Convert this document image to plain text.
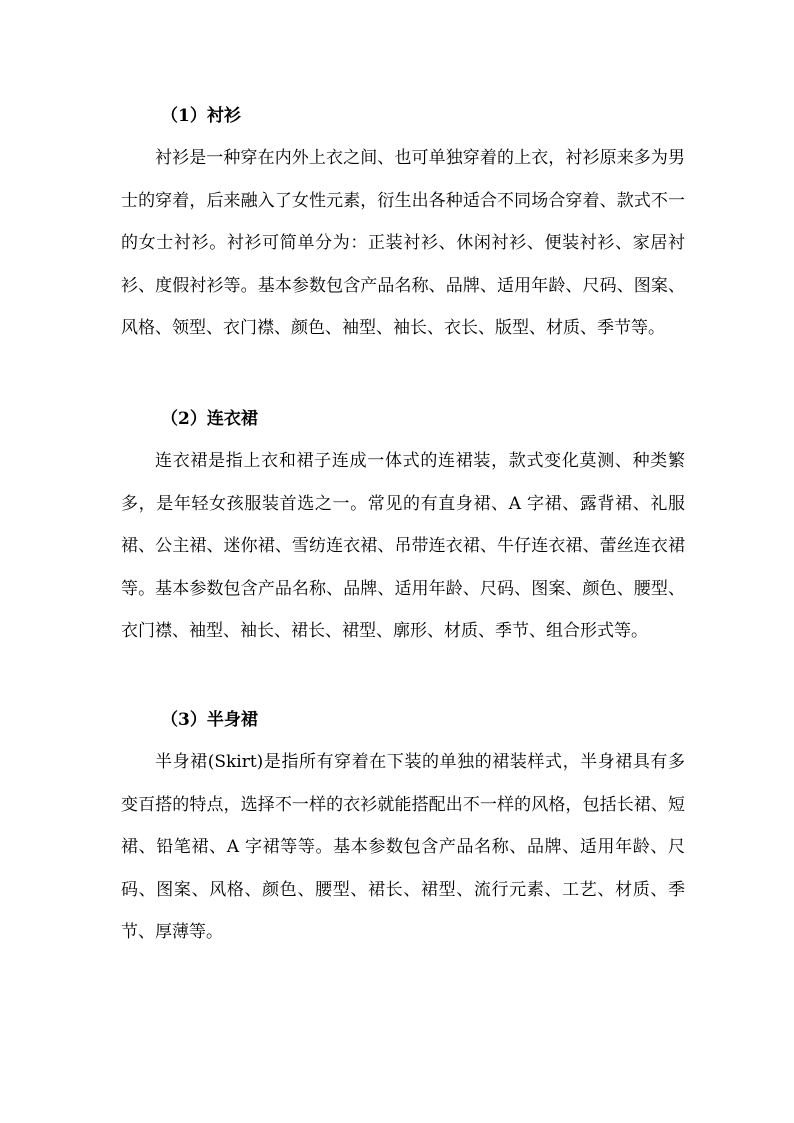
（1）衬衫

衬衫是一种穿在内外上衣之间、也可单独穿着的上衣，衬衫原来多为男士的穿着，后来融入了女性元素，衍生出各种适合不同场合穿着、款式不一的女士衬衫。衬衫可简单分为：正装衬衫、休闲衬衫、便装衬衫、家居衬衫、度假衬衫等。基本参数包含产品名称、品牌、适用年龄、尺码、图案、风格、领型、衣门襟、颜色、袖型、袖长、衣长、版型、材质、季节等。

（2）连衣裙

连衣裙是指上衣和裙子连成一体式的连裙装，款式变化莫测、种类繁多，是年轻女孩服装首选之一。常见的有直身裙、A 字裙、露背裙、礼服裙、公主裙、迷你裙、雪纺连衣裙、吊带连衣裙、牛仔连衣裙、蕾丝连衣裙等。基本参数包含产品名称、品牌、适用年龄、尺码、图案、颜色、腰型、衣门襟、袖型、袖长、裙长、裙型、廓形、材质、季节、组合形式等。

（3）半身裙

半身裙(Skirt)是指所有穿着在下装的单独的裙装样式，半身裙具有多变百搭的特点，选择不一样的衣衫就能搭配出不一样的风格，包括长裙、短裙、铅笔裙、A 字裙等等。基本参数包含产品名称、品牌、适用年龄、尺码、图案、风格、颜色、腰型、裙长、裙型、流行元素、工艺、材质、季节、厚薄等。
